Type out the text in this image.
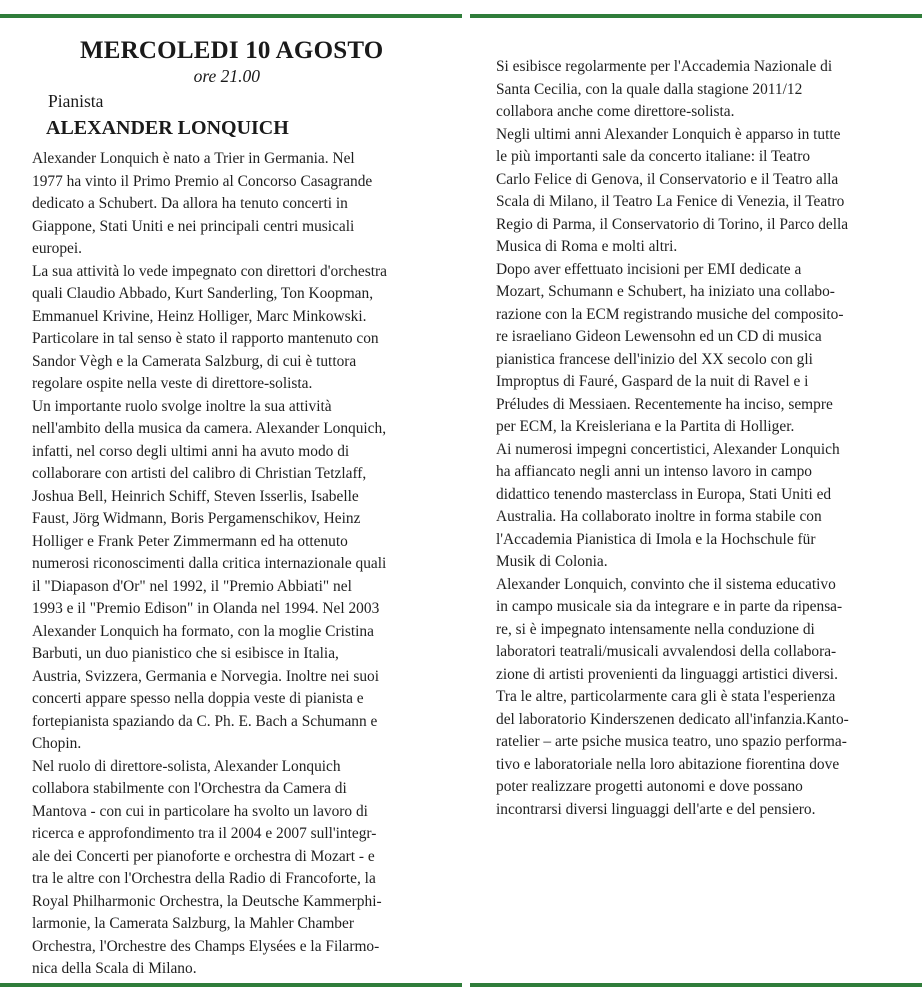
MERCOLEDI 10 AGOSTO
ore 21.00
Pianista
ALEXANDER LONQUICH
Alexander Lonquich è nato a Trier in Germania. Nel
1977 ha vinto il Primo Premio al Concorso Casagrande
dedicato a Schubert. Da allora ha tenuto concerti in
Giappone, Stati Uniti e nei principali centri musicali
europei.
La sua attività lo vede impegnato con direttori d'orchestra
quali Claudio Abbado, Kurt Sanderling, Ton Koopman,
Emmanuel Krivine, Heinz Holliger, Marc Minkowski.
Particolare in tal senso è stato il rapporto mantenuto con
Sandor Vègh e la Camerata Salzburg, di cui è tuttora
regolare ospite nella veste di direttore-solista.
Un importante ruolo svolge inoltre la sua attività
nell'ambito della musica da camera. Alexander Lonquich,
infatti, nel corso degli ultimi anni ha avuto modo di
collaborare con artisti del calibro di Christian Tetzlaff,
Joshua Bell, Heinrich Schiff, Steven Isserlis, Isabelle
Faust, Jörg Widmann, Boris Pergamenschikov, Heinz
Holliger e Frank Peter Zimmermann ed ha ottenuto
numerosi riconoscimenti dalla critica internazionale quali
il "Diapason d'Or" nel 1992, il "Premio Abbiati" nel
1993 e il "Premio Edison" in Olanda nel 1994. Nel 2003
Alexander Lonquich ha formato, con la moglie Cristina
Barbuti, un duo pianistico che si esibisce in Italia,
Austria, Svizzera, Germania e Norvegia. Inoltre nei suoi
concerti appare spesso nella doppia veste di pianista e
fortepianista spaziando da C. Ph. E. Bach a Schumann e
Chopin.
Nel ruolo di direttore-solista, Alexander Lonquich
collabora stabilmente con l'Orchestra da Camera di
Mantova - con cui in particolare ha svolto un lavoro di
ricerca e approfondimento tra il 2004 e 2007 sull'integr-
ale dei Concerti per pianoforte e orchestra di Mozart - e
tra le altre con l'Orchestra della Radio di Francoforte, la
Royal Philharmonic Orchestra, la Deutsche Kammerphi-
larmonie, la Camerata Salzburg, la Mahler Chamber
Orchestra, l'Orchestre des Champs Elysées e la Filarmo-
nica della Scala di Milano.
Si esibisce regolarmente per l'Accademia Nazionale di
Santa Cecilia, con la quale dalla stagione 2011/12
collabora anche come direttore-solista.
Negli ultimi anni Alexander Lonquich è apparso in tutte
le più importanti sale da concerto italiane: il Teatro
Carlo Felice di Genova, il Conservatorio e il Teatro alla
Scala di Milano, il Teatro La Fenice di Venezia, il Teatro
Regio di Parma, il Conservatorio di Torino, il Parco della
Musica di Roma e molti altri.
Dopo aver effettuato incisioni per EMI dedicate a
Mozart, Schumann e Schubert, ha iniziato una collabo-
razione con la ECM registrando musiche del composito-
re israeliano Gideon Lewensohn ed un CD di musica
pianistica francese dell'inizio del XX secolo con gli
Improptus di Fauré, Gaspard de la nuit di Ravel e i
Préludes di Messiaen. Recentemente ha inciso, sempre
per ECM, la Kreisleriana e la Partita di Holliger.
Ai numerosi impegni concertistici, Alexander Lonquich
ha affiancato negli anni un intenso lavoro in campo
didattico tenendo masterclass in Europa, Stati Uniti ed
Australia. Ha collaborato inoltre in forma stabile con
l'Accademia Pianistica di Imola e la Hochschule für
Musik di Colonia.
Alexander Lonquich, convinto che il sistema educativo
in campo musicale sia da integrare e in parte da ripensa-
re, si è impegnato intensamente nella conduzione di
laboratori teatrali/musicali avvalendosi della collabora-
zione di artisti provenienti da linguaggi artistici diversi.
Tra le altre, particolarmente cara gli è stata l'esperienza
del laboratorio Kinderszenen dedicato all'infanzia.Kanto-
ratelier – arte psiche musica teatro, uno spazio performa-
tivo e laboratoriale nella loro abitazione fiorentina dove
poter realizzare progetti autonomi e dove possano
incontrarsi diversi linguaggi dell'arte e del pensiero.
